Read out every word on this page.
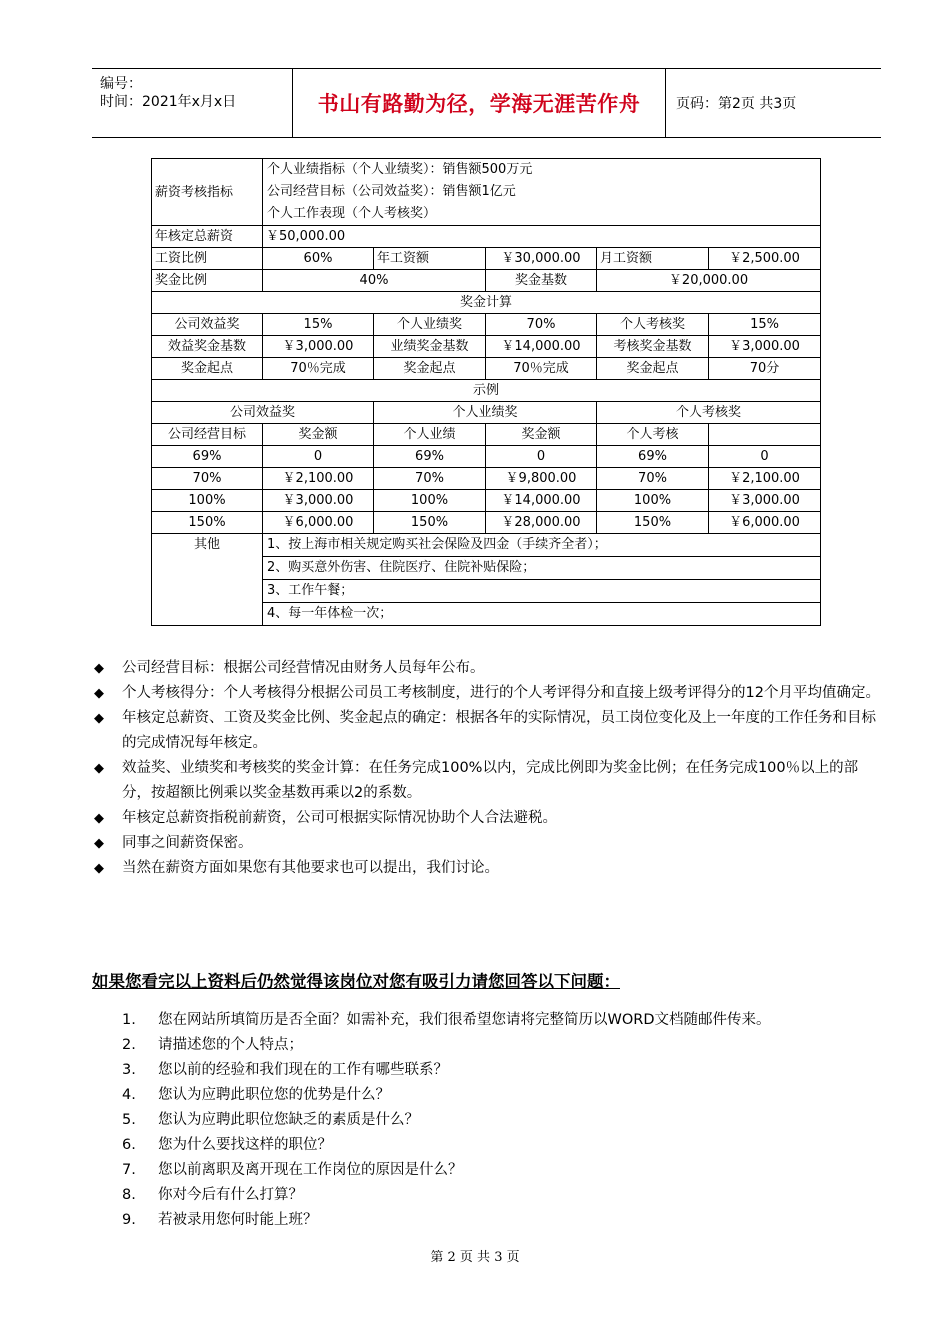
编号：
时间：2021年x月x日	书山有路勤为径，学海无涯苦作舟	页码：第2页 共3页
薪资考核指标	个人业绩指标（个人业绩奖）：销售额500万元
公司经营目标（公司效益奖）：销售额1亿元
个人工作表现（个人考核奖）				

年核定总薪资	￥50,000.00				
工资比例	60%	年工资额	￥30,000.00	月工资额	￥2,500.00
奖金比例	40%		奖金基数	￥20,000.00	
奖金计算					
公司效益奖	15%	个人业绩奖	70%	个人考核奖	15%
效益奖金基数	￥3,000.00	业绩奖金基数	￥14,000.00	考核奖金基数	￥3,000.00
奖金起点	70％完成	奖金起点	70％完成	奖金起点	70分
示例					
公司效益奖		个人业绩奖		个人考核奖	
公司经营目标	奖金额	个人业绩	奖金额	个人考核	
69%	0	69%	0	69%	0
70%	￥2,100.00	70%	￥9,800.00	70%	￥2,100.00
100%	￥3,000.00	100%	￥14,000.00	100%	￥3,000.00
150%	￥6,000.00	150%	￥28,000.00	150%	￥6,000.00
其他	1、按上海市相关规定购买社会保险及四金（手续齐全者）；
2、购买意外伤害、住院医疗、住院补贴保险；
3、工作午餐；
4、每一年体检一次；				
◆ 公司经营目标：根据公司经营情况由财务人员每年公布。
◆ 个人考核得分：个人考核得分根据公司员工考核制度，进行的个人考评得分和直接上级考评得分的12个月平均值确定。
◆ 年核定总薪资、工资及奖金比例、奖金起点的确定：根据各年的实际情况，员工岗位变化及上一年度的工作任务和目标的完成情况每年核定。
◆ 效益奖、业绩奖和考核奖的奖金计算：在任务完成100%以内，完成比例即为奖金比例；在任务完成100％以上的部分，按超额比例乘以奖金基数再乘以2的系数。
◆ 年核定总薪资指税前薪资，公司可根据实际情况协助个人合法避税。
◆ 同事之间薪资保密。
◆ 当然在薪资方面如果您有其他要求也可以提出，我们讨论。
如果您看完以上资料后仍然觉得该岗位对您有吸引力请您回答以下问题：
1. 您在网站所填简历是否全面？如需补充，我们很希望您请将完整简历以WORD文档随邮件传来。
2. 请描述您的个人特点；
3. 您以前的经验和我们现在的工作有哪些联系？
4. 您认为应聘此职位您的优势是什么？
5. 您认为应聘此职位您缺乏的素质是什么？
6. 您为什么要找这样的职位？
7. 您以前离职及离开现在工作岗位的原因是什么？
8. 你对今后有什么打算？
9. 若被录用您何时能上班？
第 2 页 共 3 页
